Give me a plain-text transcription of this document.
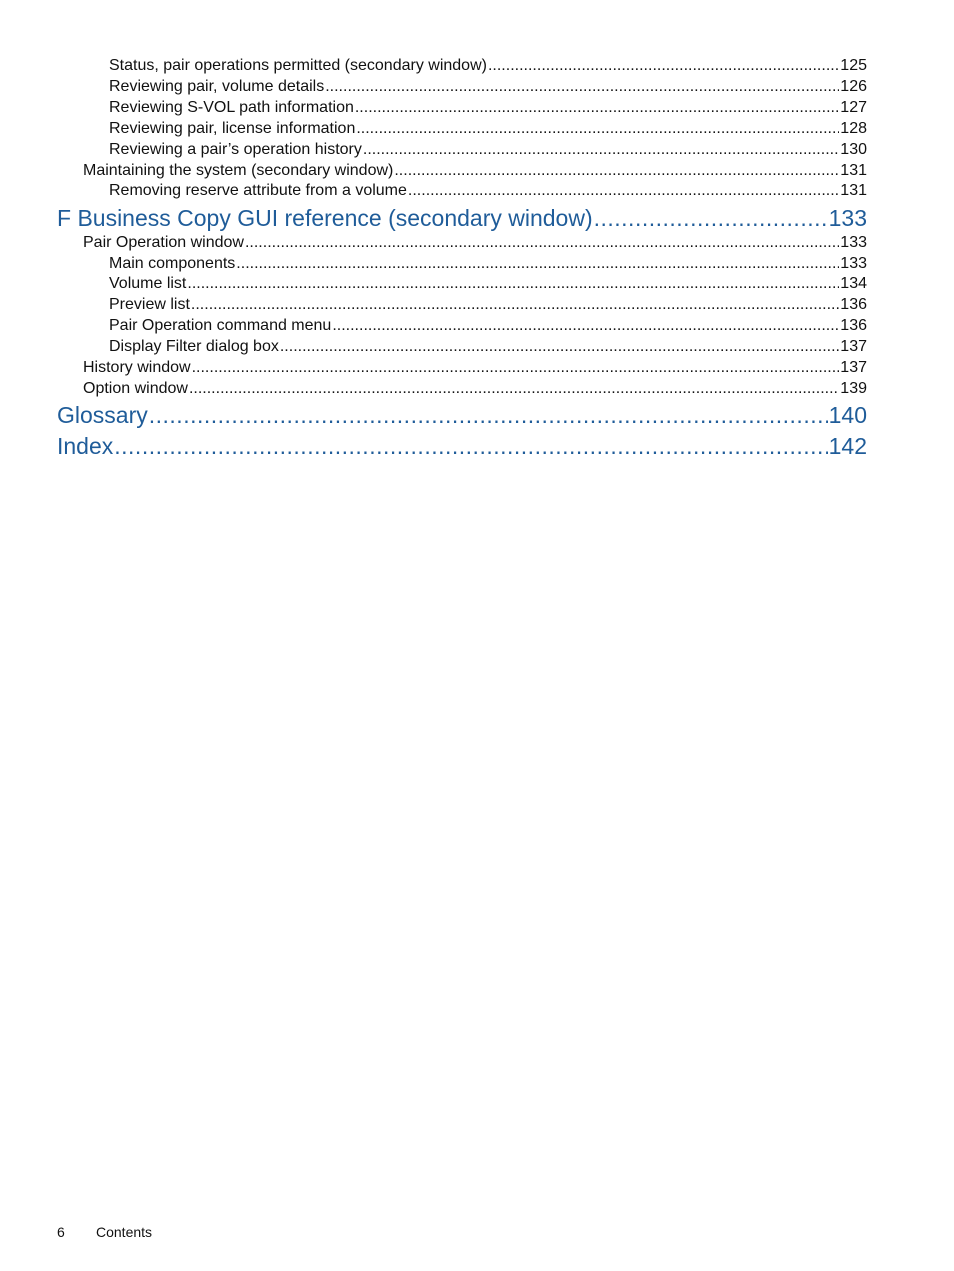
Status, pair operations permitted (secondary window) .....	125
Reviewing pair, volume details .....	126
Reviewing S-VOL path information .....	127
Reviewing pair, license information .....	128
Reviewing a pair’s operation history .....	130
Maintaining the system (secondary window) .....	131
Removing reserve attribute from a volume .....	131
F Business Copy GUI reference (secondary window) .....	133
Pair Operation window .....	133
Main components .....	133
Volume list .....	134
Preview list .....	136
Pair Operation command menu .....	136
Display Filter dialog box .....	137
History window .....	137
Option window .....	139
Glossary .....	140
Index .....	142
6 Contents
